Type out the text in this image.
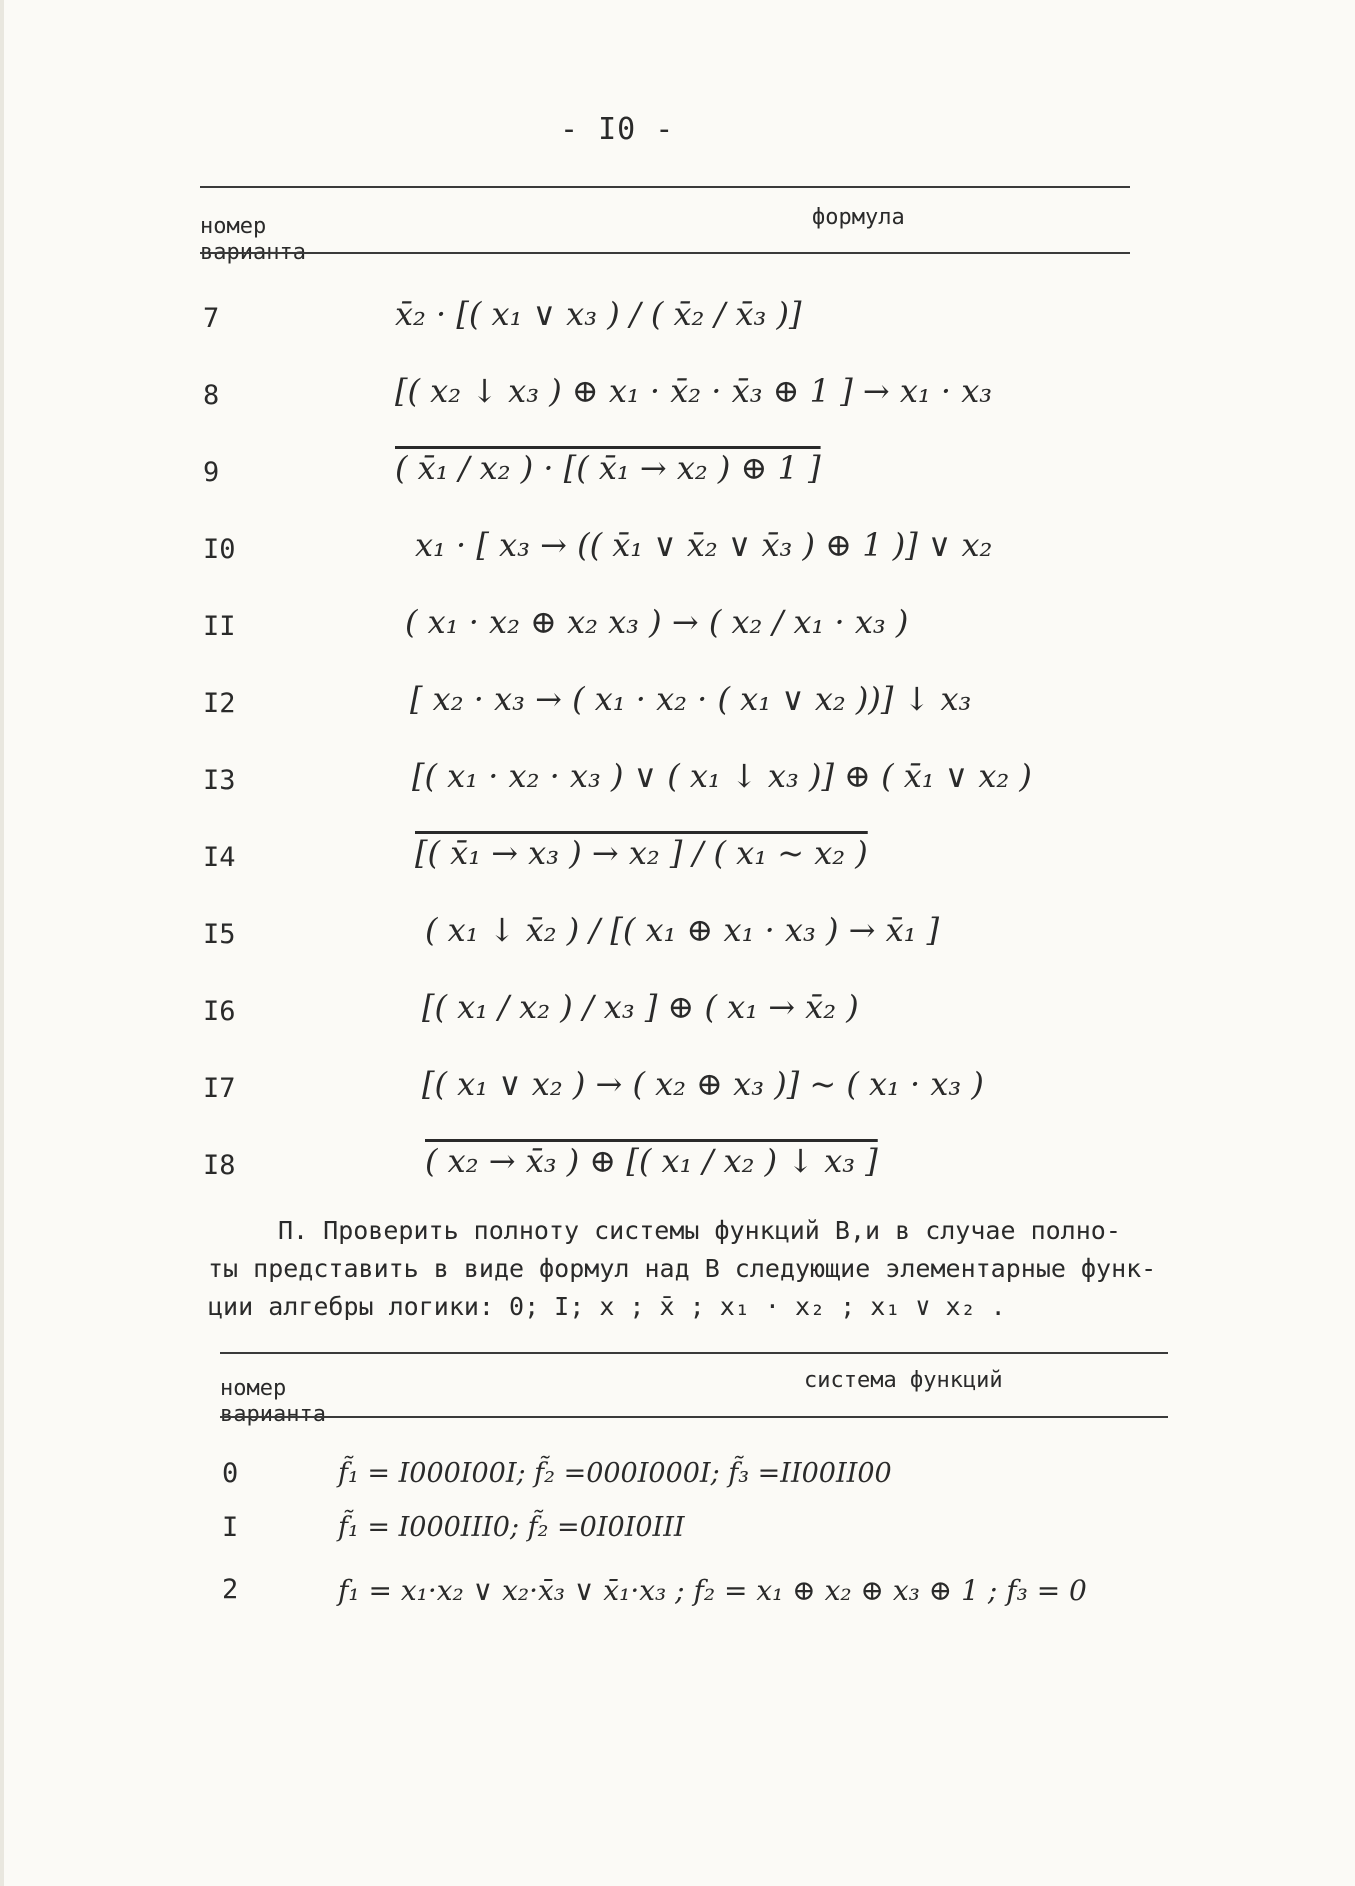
- I0 -
номер
варианта
формула
7	x̄₂ · [( x₁ ∨ x₃ ) / ( x̄₂ / x̄₃ )]
8	[( x₂ ↓ x₃ ) ⊕ x₁ · x̄₂ · x̄₃ ⊕ 1 ] → x₁ · x₃
9	( x̄₁ / x₂ ) · [( x̄₁ → x₂ ) ⊕ 1 ]
I0	x₁ · [ x₃ → (( x̄₁ ∨ x̄₂ ∨ x̄₃ ) ⊕ 1 )] ∨ x₂
II	( x₁ · x₂ ⊕ x₂ x₃ ) → ( x₂ / x₁ · x₃ )
I2	[ x₂ · x₃ → ( x₁ · x₂ · ( x₁ ∨ x₂ ))] ↓ x₃
I3	[( x₁ · x₂ · x₃ ) ∨ ( x₁ ↓ x₃ )] ⊕ ( x̄₁ ∨ x₂ )
I4	[( x̄₁ → x₃ ) → x₂ ] / ( x₁ ~ x₂ )
I5	( x₁ ↓ x̄₂ ) / [( x₁ ⊕ x₁ · x₃ ) → x̄₁ ]
I6	[( x₁ / x₂ ) / x₃ ] ⊕ ( x₁ → x̄₂ )
I7	[( x₁ ∨ x₂ ) → ( x₂ ⊕ x₃ )] ~ ( x₁ · x₃ )
I8	( x₂ → x̄₃ ) ⊕ [( x₁ / x₂ ) ↓ x₃ ]
П. Проверить полноту системы функций В,и в случае полно-
ты представить в виде формул над В следующие элементарные функ-
ции алгебры логики: 0; I; x ; x̄ ; x₁ · x₂ ; x₁ ∨ x₂ .
номер
варианта
система функций
0	f̃₁ = I000I00I; f̃₂ =000I000I; f̃₃ =II00II00
I	f̃₁ = I000III0; f̃₂ =0I0I0III
2	f₁ = x₁·x₂ ∨ x₂·x̄₃ ∨ x̄₁·x₃ ; f₂ = x₁ ⊕ x₂ ⊕ x₃ ⊕ 1 ; f₃ = 0
